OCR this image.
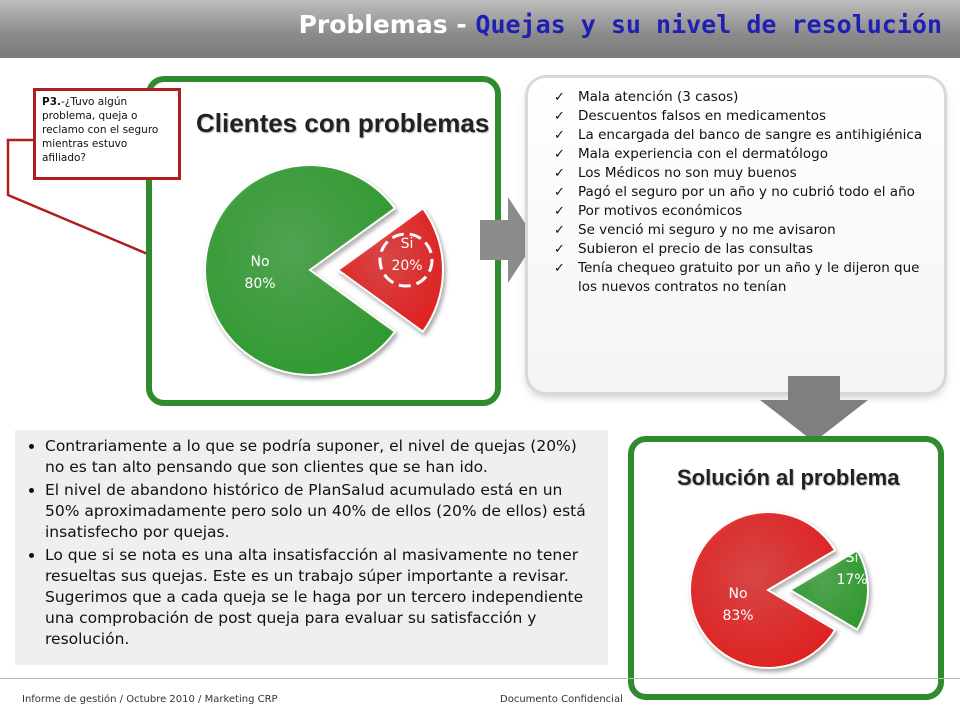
Problemas - Quejas y su nivel de resolución
Clientes con problemas
No
80%
Si
20%
P3.-¿Tuvo algún problema, queja o reclamo con el seguro mientras estuvo afiliado?
✓ Mala atención (3 casos)
✓ Descuentos falsos en medicamentos
✓ La encargada del banco de sangre es antihigiénica
✓ Mala experiencia con el dermatólogo
✓ Los Médicos no son muy buenos
✓ Pagó el seguro por un año y no cubrió todo el año
✓ Por motivos económicos
✓ Se venció mi seguro y no me avisaron
✓ Subieron el precio de las consultas
✓ Tenía chequeo gratuito por un año y le dijeron que los nuevos contratos no tenían
Solución al problema
No
83%
Si
17%
• Contrariamente a lo que se podría suponer, el nivel de quejas (20%) no es tan alto pensando que son clientes que se han ido.
• El nivel de abandono histórico de PlanSalud acumulado está en un 50% aproximadamente pero solo un 40% de ellos (20% de ellos) está insatisfecho por quejas.
• Lo que si se nota es una alta insatisfacción al masivamente no tener resueltas sus quejas. Este es un trabajo súper importante a revisar. Sugerimos que a cada queja se le haga por un tercero independiente una comprobación de post queja para evaluar su satisfacción y resolución.
Informe de gestión / Octubre 2010 / Marketing CRP	Documento Confidencial
